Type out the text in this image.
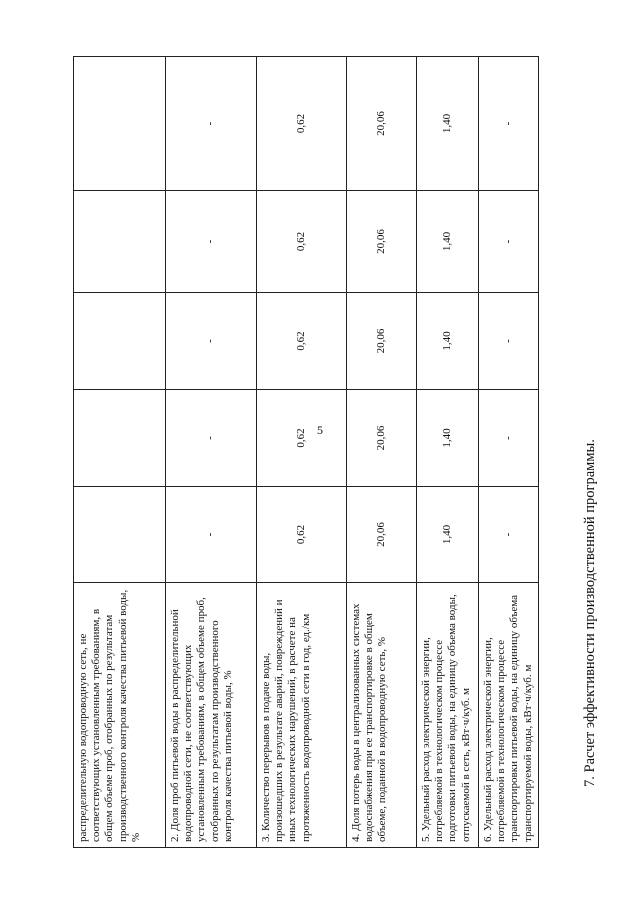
5
распределительную водопроводную сеть, не соответствующих установленным требованиям, в общем объеме проб, отобранных по результатам производственного контроля качества питьевой воды, %					
2. Доля проб питьевой воды в распределительной водопроводной сети, не соответствующих установленным требованиям, в общем объеме проб, отобранных по результатам производственного контроля качества питьевой воды, %	-	-	-	-	-
3. Количество перерывов в подаче воды, произошедших в результате аварий, повреждений и иных технологических нарушений, в расчете на протяженность водопроводной сети в год, ед./км	0,62	0,62	0,62	0,62	0,62
4. Доля потерь воды в централизованных системах водоснабжения при ее транспортировке в общем объеме, поданной в водопроводную сеть, %	20,06	20,06	20,06	20,06	20,06
5. Удельный расход электрической энергии, потребляемой в технологическом процессе подготовки питьевой воды, на единицу объема воды, отпускаемой в сеть, кВт·ч/куб. м	1,40	1,40	1,40	1,40	1,40
6. Удельный расход электрической энергии, потребляемой в технологическом процессе транспортировки питьевой воды, на единицу объема транспортируемой воды, кВт·ч/куб. м	-	-	-	-	-
7. Расчет эффективности производственной программы.
